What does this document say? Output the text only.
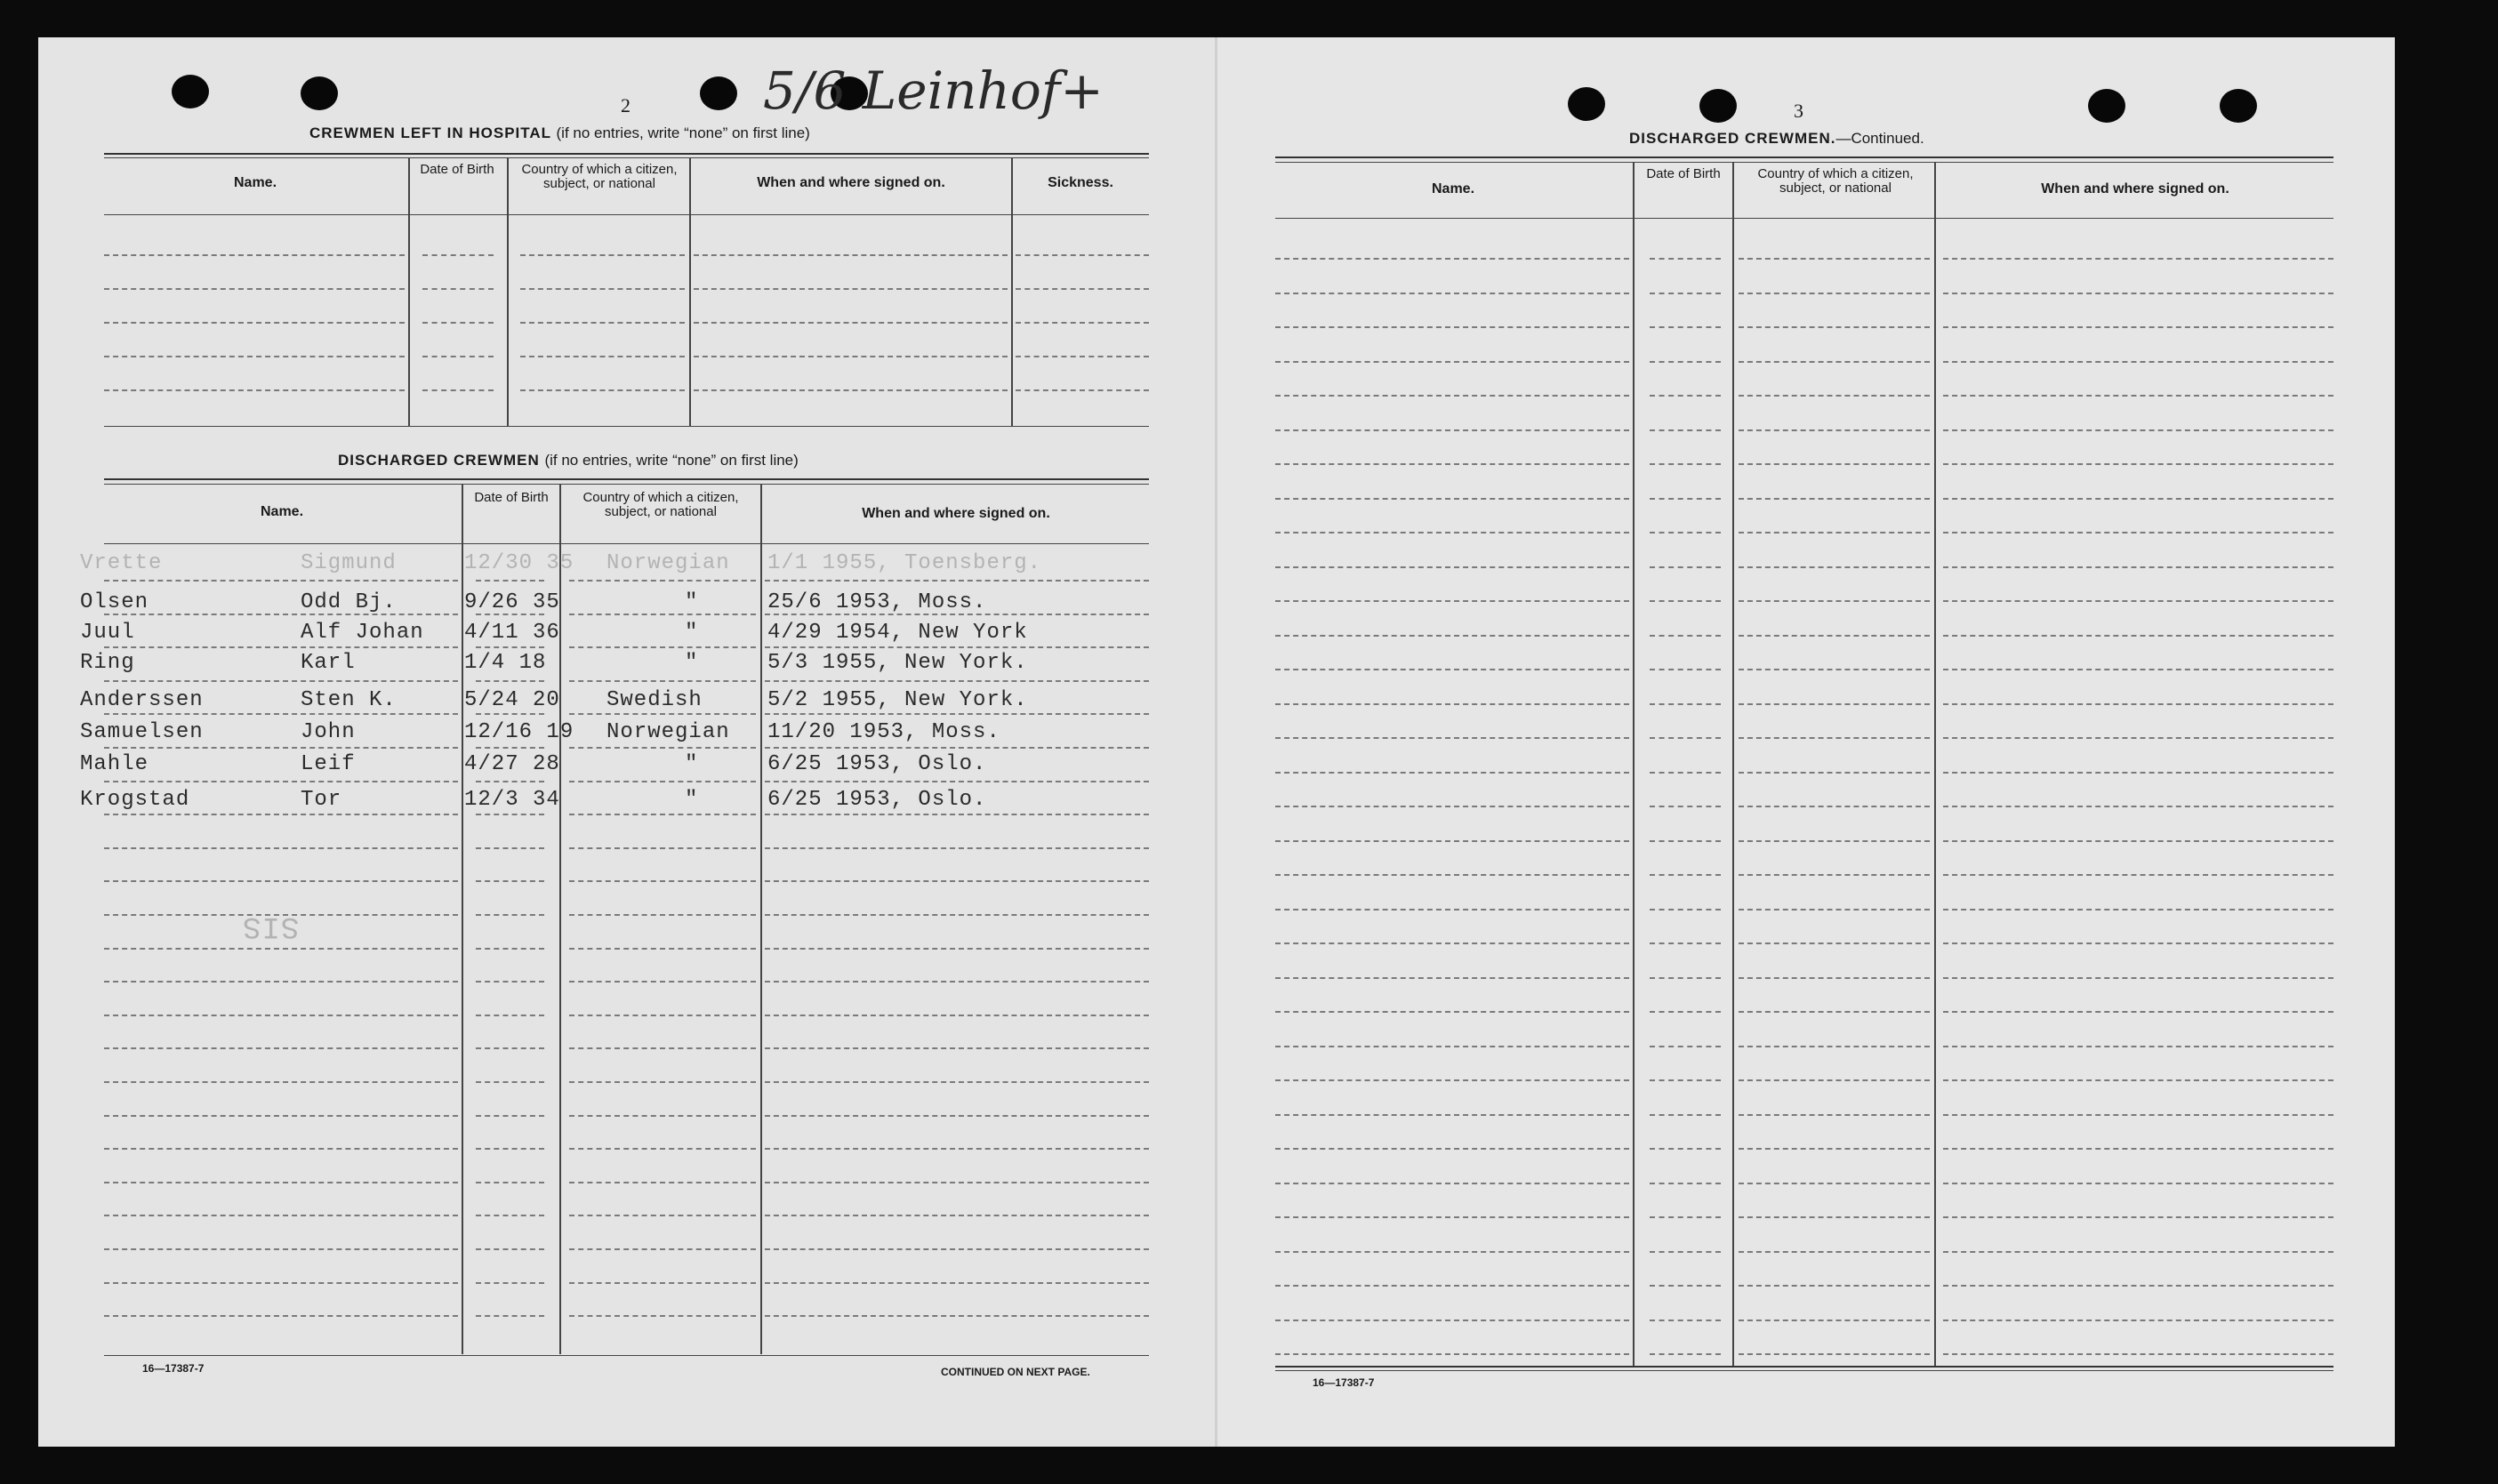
2	5/6 Leinhof+
CREWMEN LEFT IN HOSPITAL (if no entries, write “none” on first line)
Name.
Date of Birth	Country of which a citizen, subject, or national	When and where signed on.	Sickness.
DISCHARGED CREWMEN (if no entries, write “none” on first line)
Name.
Date of Birth	Country of which a citizen, subject, or national	When and where signed on.
Vrette	Sigmund	12/30 35 Norwegian 1/1 1955, Toensberg.
Olsen	Odd Bj.	9/26 35	"	25/6 1953, Moss.
Juul	Alf Johan 4/11 36	"	4/29 1954, New York
Ring	Karl	1/4 18	"	5/3 1955, New York.
Anderssen	Sten K.	5/24 20 Swedish	5/2 1955, New York.
Samuelsen	John	12/16 19 Norwegian 11/20 1953, Moss.
Mahle	Leif	4/27 28	"	6/25 1953, Oslo.
Krogstad	Tor	12/3 34	"	6/25 1953, Oslo.
SIS
16—17387-7	CONTINUED ON NEXT PAGE.
3
DISCHARGED CREWMEN.—Continued.
Name.
Date of Birth	Country of which a citizen, subject, or national	When and where signed on.
16—17387-7
